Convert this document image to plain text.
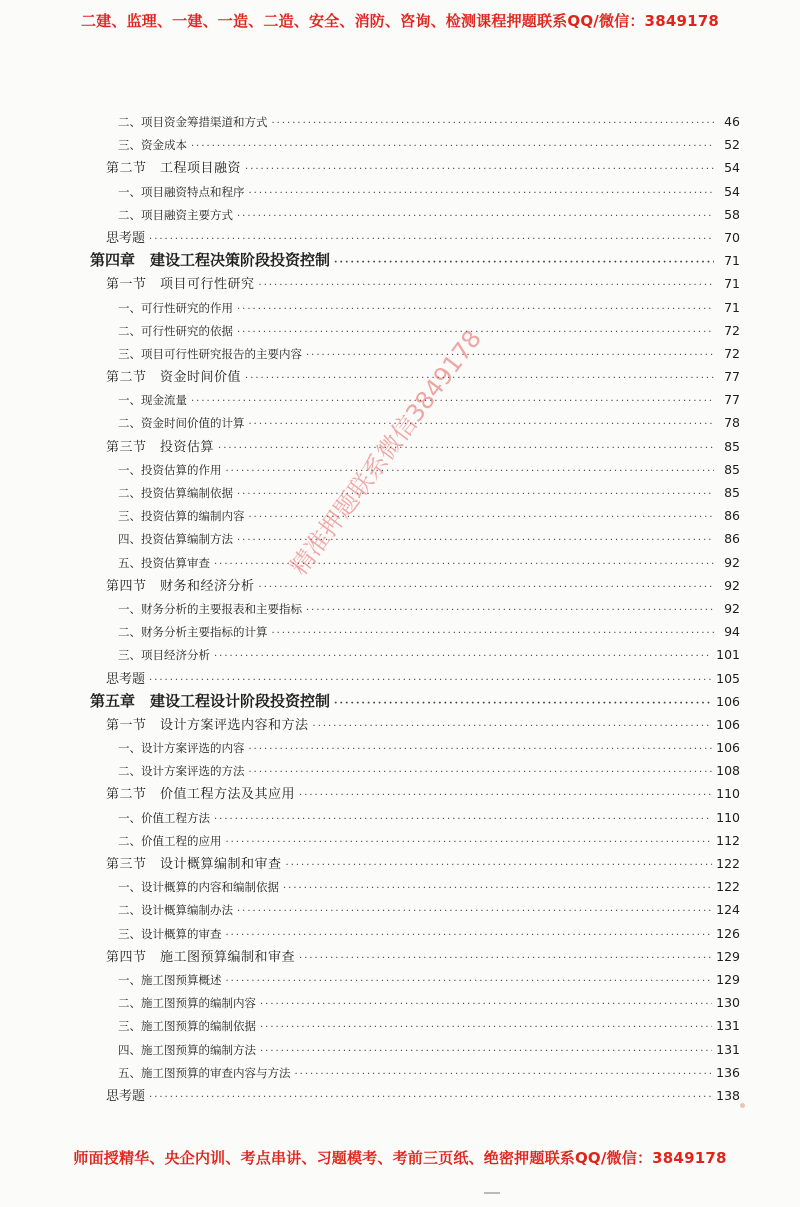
二建、监理、一建、一造、二造、安全、消防、咨询、检测课程押题联系QQ/微信：3849178
二、项目资金筹措渠道和方式 ·····	46
三、资金成本 ·····	52
第二节　工程项目融资 ·····	54
一、项目融资特点和程序 ·····	54
二、项目融资主要方式 ·····	58
思考题 ·····	70
第四章　建设工程决策阶段投资控制 ·····	71
第一节　项目可行性研究 ·····	71
一、可行性研究的作用 ·····	71
二、可行性研究的依据 ·····	72
三、项目可行性研究报告的主要内容 ·····	72
第二节　资金时间价值 ·····	77
一、现金流量 ·····	77
二、资金时间价值的计算 ·····	78
第三节　投资估算 ·····	85
一、投资估算的作用 ·····	85
二、投资估算编制依据 ·····	85
三、投资估算的编制内容 ·····	86
四、投资估算编制方法 ·····	86
五、投资估算审查 ·····	92
第四节　财务和经济分析 ·····	92
一、财务分析的主要报表和主要指标 ·····	92
二、财务分析主要指标的计算 ·····	94
三、项目经济分析 ·····	101
思考题 ·····	105
第五章　建设工程设计阶段投资控制 ·····	106
第一节　设计方案评选内容和方法 ·····	106
一、设计方案评选的内容 ·····	106
二、设计方案评选的方法 ·····	108
第二节　价值工程方法及其应用 ·····	110
一、价值工程方法 ·····	110
二、价值工程的应用 ·····	112
第三节　设计概算编制和审查 ·····	122
一、设计概算的内容和编制依据 ·····	122
二、设计概算编制办法 ·····	124
三、设计概算的审查 ·····	126
第四节　施工图预算编制和审查 ·····	129
一、施工图预算概述 ·····	129
二、施工图预算的编制内容 ·····	130
三、施工图预算的编制依据 ·····	131
四、施工图预算的编制方法 ·····	131
五、施工图预算的审查内容与方法 ·····	136
思考题 ·····	138
精准押题联系微信3849178
师面授精华、央企内训、考点串讲、习题模考、考前三页纸、绝密押题联系QQ/微信：3849178
